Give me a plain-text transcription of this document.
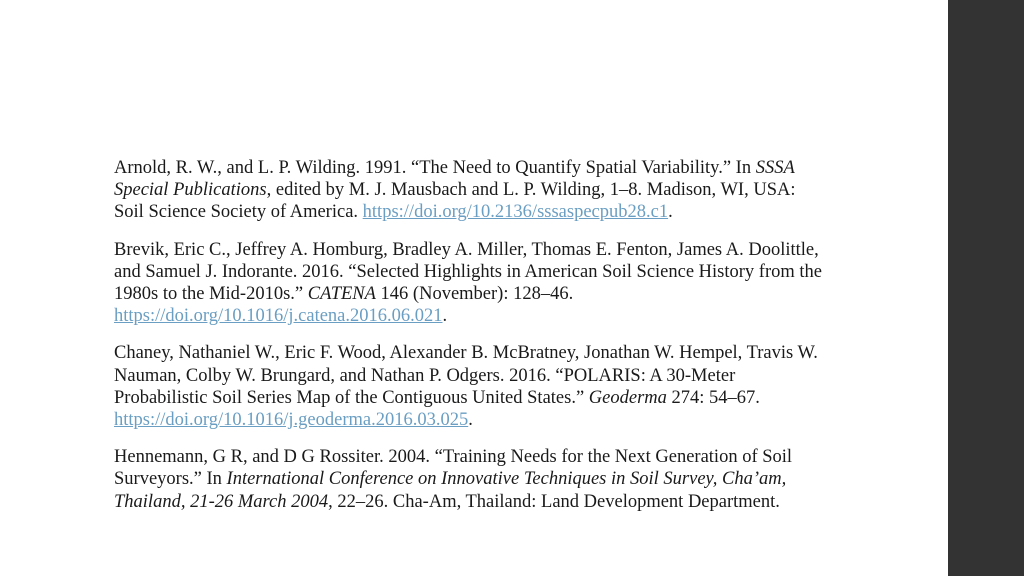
Arnold, R. W., and L. P. Wilding. 1991. “The Need to Quantify Spatial Variability.” In SSSA Special Publications, edited by M. J. Mausbach and L. P. Wilding, 1–8. Madison, WI, USA: Soil Science Society of America. https://doi.org/10.2136/sssaspecpub28.c1.

Brevik, Eric C., Jeffrey A. Homburg, Bradley A. Miller, Thomas E. Fenton, James A. Doolittle, and Samuel J. Indorante. 2016. “Selected Highlights in American Soil Science History from the 1980s to the Mid-2010s.” CATENA 146 (November): 128–46. https://doi.org/10.1016/j.catena.2016.06.021.

Chaney, Nathaniel W., Eric F. Wood, Alexander B. McBratney, Jonathan W. Hempel, Travis W. Nauman, Colby W. Brungard, and Nathan P. Odgers. 2016. “POLARIS: A 30-Meter Probabilistic Soil Series Map of the Contiguous United States.” Geoderma 274: 54–67. https://doi.org/10.1016/j.geoderma.2016.03.025.

Hennemann, G R, and D G Rossiter. 2004. “Training Needs for the Next Generation of Soil Surveyors.” In International Conference on Innovative Techniques in Soil Survey, Cha’am, Thailand, 21-26 March 2004, 22–26. Cha-Am, Thailand: Land Development Department.
